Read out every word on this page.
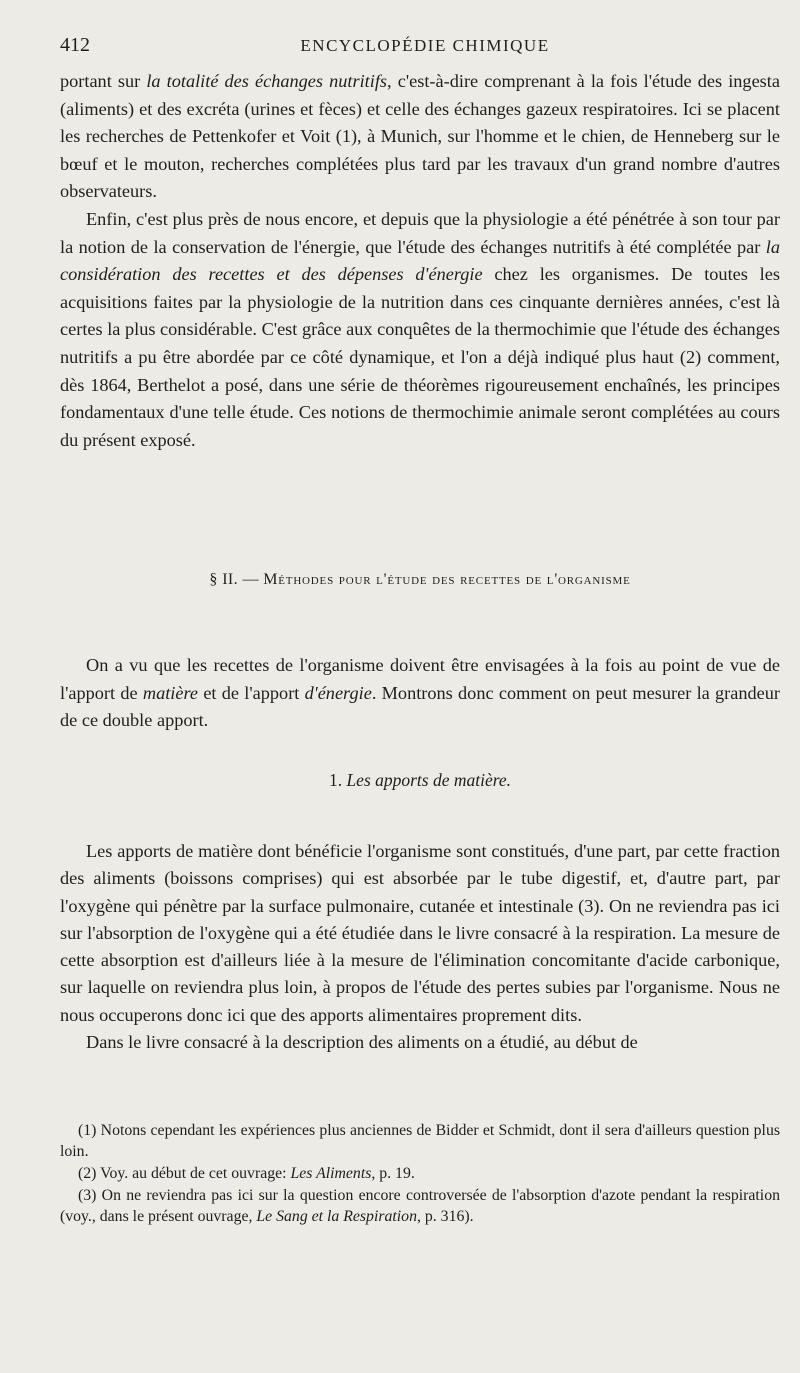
412	ENCYCLOPÉDIE CHIMIQUE

portant sur la totalité des échanges nutritifs, c'est-à-dire comprenant à la fois l'étude des ingesta (aliments) et des excréta (urines et fèces) et celle des échanges gazeux respiratoires. Ici se placent les recherches de Pettenkofer et Voit (1), à Munich, sur l'homme et le chien, de Henneberg sur le bœuf et le mouton, recherches complétées plus tard par les travaux d'un grand nombre d'autres observateurs.

Enfin, c'est plus près de nous encore, et depuis que la physiologie a été pénétrée à son tour par la notion de la conservation de l'énergie, que l'étude des échanges nutritifs à été complétée par la considération des recettes et des dépenses d'énergie chez les organismes. De toutes les acquisitions faites par la physiologie de la nutrition dans ces cinquante dernières années, c'est là certes la plus considérable. C'est grâce aux conquêtes de la thermochimie que l'étude des échanges nutritifs a pu être abordée par ce côté dynamique, et l'on a déjà indiqué plus haut (2) comment, dès 1864, Berthelot a posé, dans une série de théorèmes rigoureusement enchaînés, les principes fondamentaux d'une telle étude. Ces notions de thermochimie animale seront complétées au cours du présent exposé.

§ II. — Méthodes pour l'étude des recettes de l'organisme

On a vu que les recettes de l'organisme doivent être envisagées à la fois au point de vue de l'apport de matière et de l'apport d'énergie. Montrons donc comment on peut mesurer la grandeur de ce double apport.

1. Les apports de matière.

Les apports de matière dont bénéficie l'organisme sont constitués, d'une part, par cette fraction des aliments (boissons comprises) qui est absorbée par le tube digestif, et, d'autre part, par l'oxygène qui pénètre par la surface pulmonaire, cutanée et intestinale (3). On ne reviendra pas ici sur l'absorption de l'oxygène qui a été étudiée dans le livre consacré à la respiration. La mesure de cette absorption est d'ailleurs liée à la mesure de l'élimination concomitante d'acide carbonique, sur laquelle on reviendra plus loin, à propos de l'étude des pertes subies par l'organisme. Nous ne nous occuperons donc ici que des apports alimentaires proprement dits.

Dans le livre consacré à la description des aliments on a étudié, au début de

(1) Notons cependant les expériences plus anciennes de Bidder et Schmidt, dont il sera d'ailleurs question plus loin.

(2) Voy. au début de cet ouvrage: Les Aliments, p. 19.

(3) On ne reviendra pas ici sur la question encore controversée de l'absorption d'azote pendant la respiration (voy., dans le présent ouvrage, Le Sang et la Respiration, p. 316).
